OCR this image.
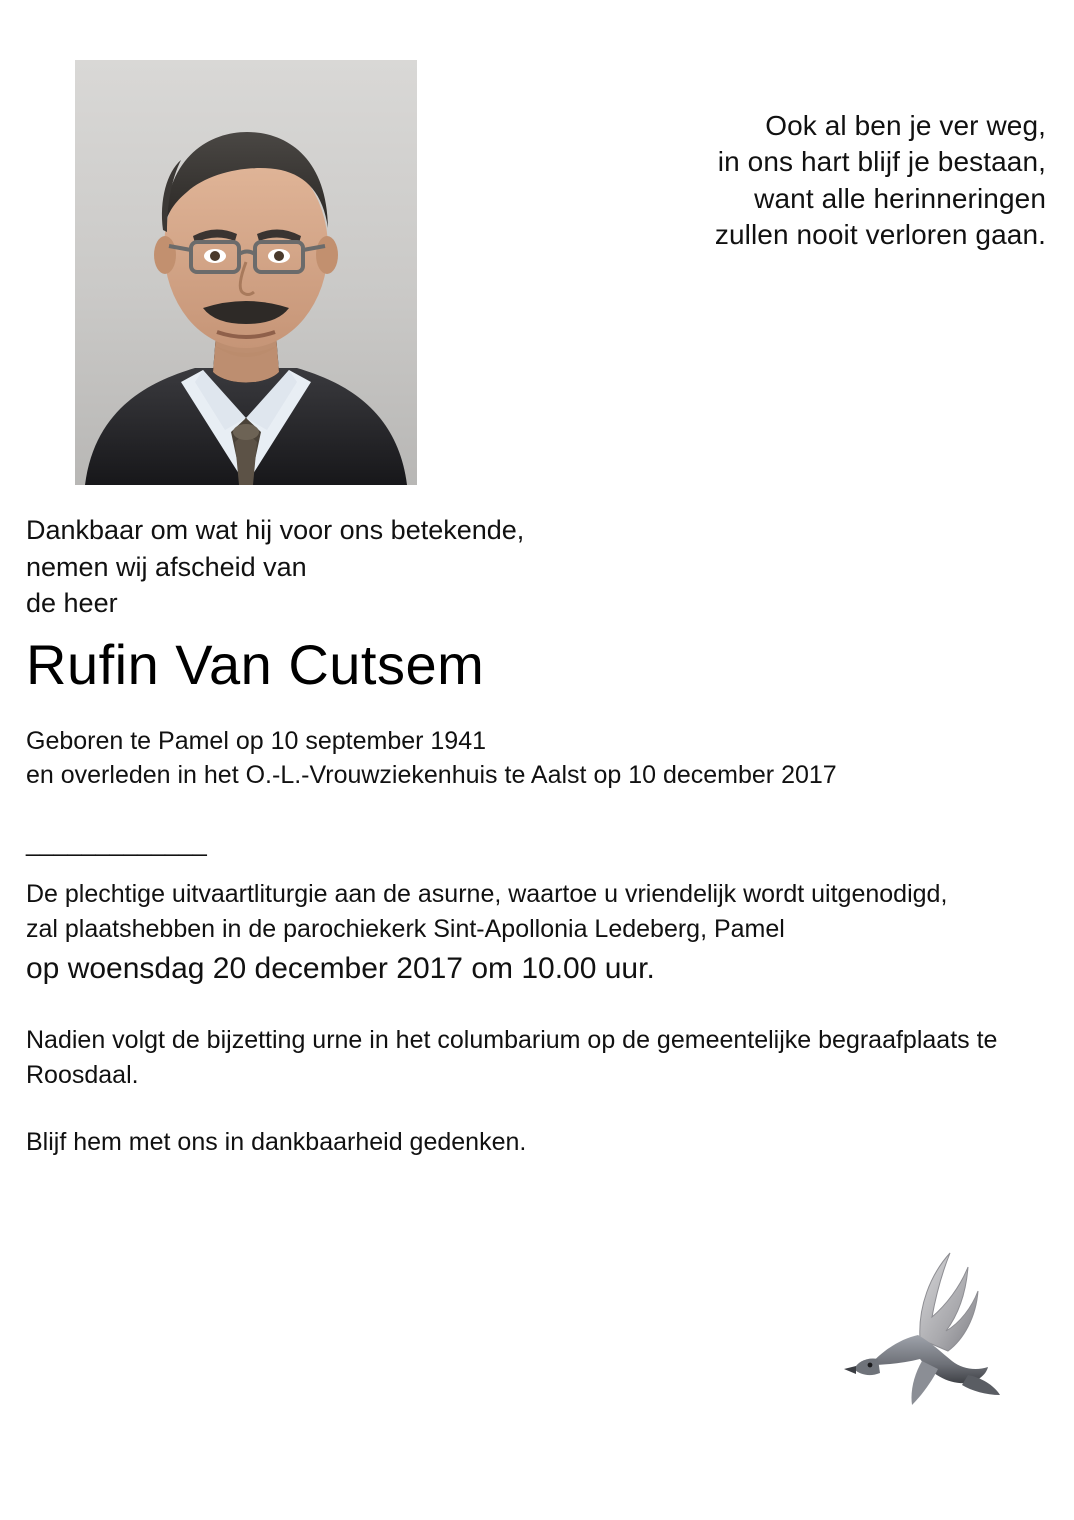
Ook al ben je ver weg,
in ons hart blijf je bestaan,
want alle herinneringen
zullen nooit verloren gaan.
Dankbaar om wat hij voor ons betekende,
nemen wij afscheid van
de heer
Rufin Van Cutsem
Geboren te Pamel op 10 september 1941
en overleden in het O.-L.-Vrouwziekenhuis te Aalst op 10 december 2017
_____________
De plechtige uitvaartliturgie aan de asurne, waartoe u vriendelijk wordt uitgenodigd,
zal plaatshebben in de parochiekerk Sint-Apollonia Ledeberg, Pamel
op woensdag 20 december 2017 om 10.00 uur.
Nadien volgt de bijzetting urne in het columbarium op de gemeentelijke begraafplaats te Roosdaal.
Blijf hem met ons in dankbaarheid gedenken.
